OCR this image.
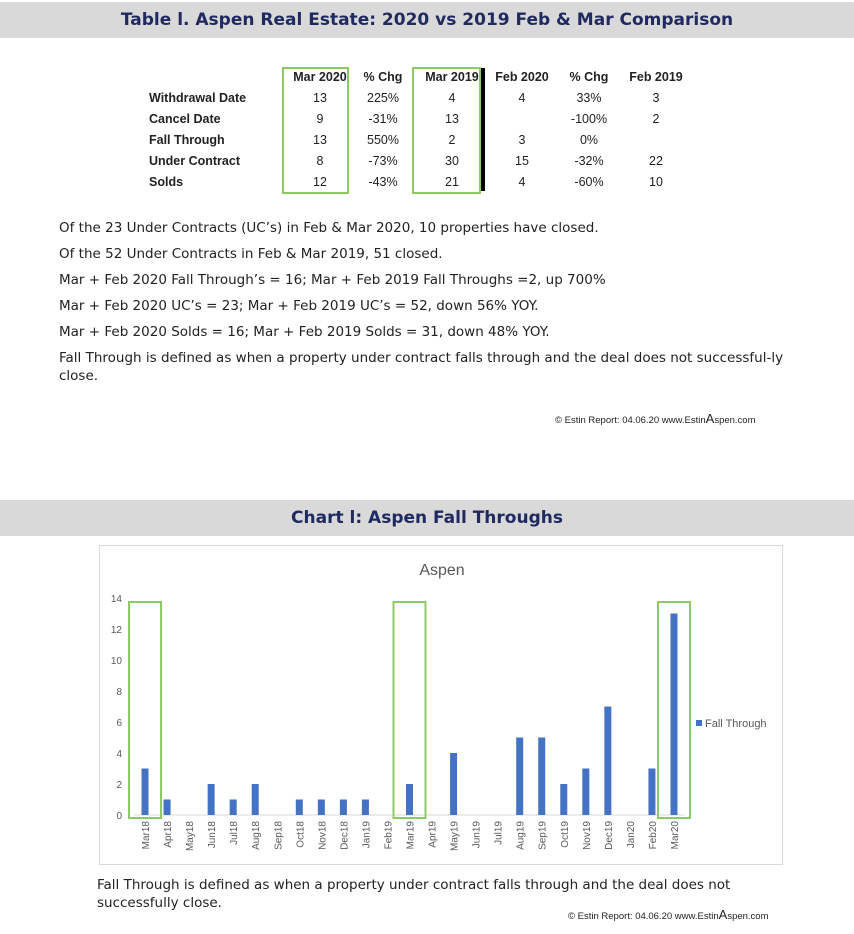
Table l. Aspen Real Estate: 2020 vs 2019 Feb & Mar Comparison
	Mar 2020	% Chg	Mar 2019	Feb 2020	% Chg	Feb 2019
Withdrawal Date	13	225%	4	4	33%	3
Cancel Date	9	-31%	13		-100%	2
Fall Through	13	550%	2	3	0%	
Under Contract	8	-73%	30	15	-32%	22
Solds	12	-43%	21	4	-60%	10

Of the 23 Under Contracts (UC’s) in Feb & Mar 2020, 10 properties have closed.

Of the 52 Under Contracts in Feb & Mar 2019, 51 closed.

Mar + Feb 2020 Fall Through’s = 16; Mar + Feb 2019 Fall Throughs =2, up 700%

Mar + Feb 2020 UC’s = 23; Mar + Feb 2019 UC’s = 52, down 56% YOY.

Mar + Feb 2020 Solds = 16; Mar + Feb 2019 Solds = 31, down 48% YOY.

Fall Through is defined as when a property under contract falls through and the deal does not successful-ly close.

© Estin Report: 04.06.20 www.EstinAspen.com
Chart l: Aspen Fall Throughs
Aspen
0
2
4
6
8
10
12
14
Mar18 Apr18 May18 Jun18 Jul18 Aug18 Sep18 Oct18 Nov18 Dec18 Jan19 Feb19 Mar19 Apr19 May19 Jun19 Jul19 Aug19 Sep19 Oct19 Nov19 Dec19 Jan20 Feb20 Mar20
Fall Through

Fall Through is defined as when a property under contract falls through and the deal does not successfully close.

© Estin Report: 04.06.20 www.EstinAspen.com
